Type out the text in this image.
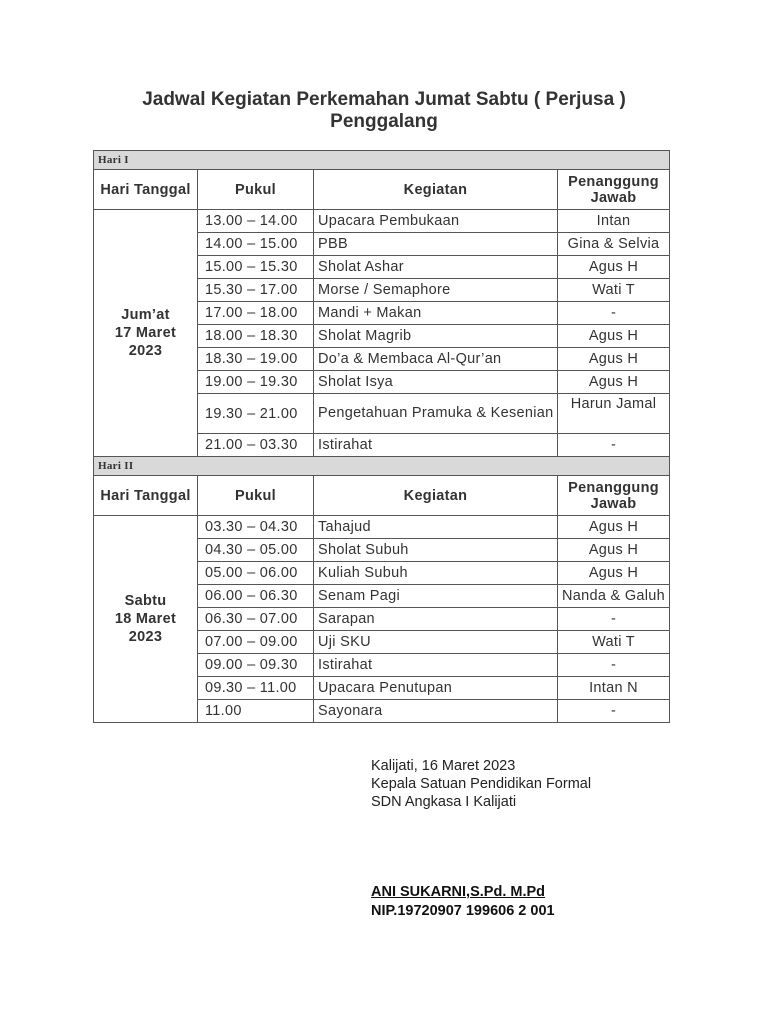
Jadwal Kegiatan Perkemahan Jumat Sabtu ( Perjusa )
Penggalang
Hari I			
Hari Tanggal	Pukul	Kegiatan	Penanggung Jawab

Jum’at
17 Maret
2023	13.00 – 14.00	Upacara Pembukaan	Intan
	14.00 – 15.00	PBB	Gina & Selvia
	15.00 – 15.30	Sholat Ashar	Agus H
	15.30 – 17.00	Morse / Semaphore	Wati T
	17.00 – 18.00	Mandi + Makan	-
	18.00 – 18.30	Sholat Magrib	Agus H
	18.30 – 19.00	Do’a & Membaca Al-Qur’an	Agus H
	19.00 – 19.30	Sholat Isya	Agus H
	19.30 – 21.00	Pengetahuan Pramuka & Kesenian	Harun Jamal
	21.00 – 03.30	Istirahat	-
Hari II			
Hari Tanggal	Pukul	Kegiatan	Penanggung Jawab

Sabtu
18 Maret
2023	03.30 – 04.30	Tahajud	Agus H
	04.30 – 05.00	Sholat Subuh	Agus H
	05.00 – 06.00	Kuliah Subuh	Agus H
	06.00 – 06.30	Senam Pagi	Nanda & Galuh
	06.30 – 07.00	Sarapan	-
	07.00 – 09.00	Uji SKU	Wati T
	09.00 – 09.30	Istirahat	-
	09.30 – 11.00	Upacara Penutupan	Intan N
	11.00	Sayonara	-
Kalijati, 16 Maret 2023
Kepala Satuan Pendidikan Formal
SDN Angkasa I Kalijati
ANI SUKARNI,S.Pd. M.Pd
NIP.19720907 199606 2 001
